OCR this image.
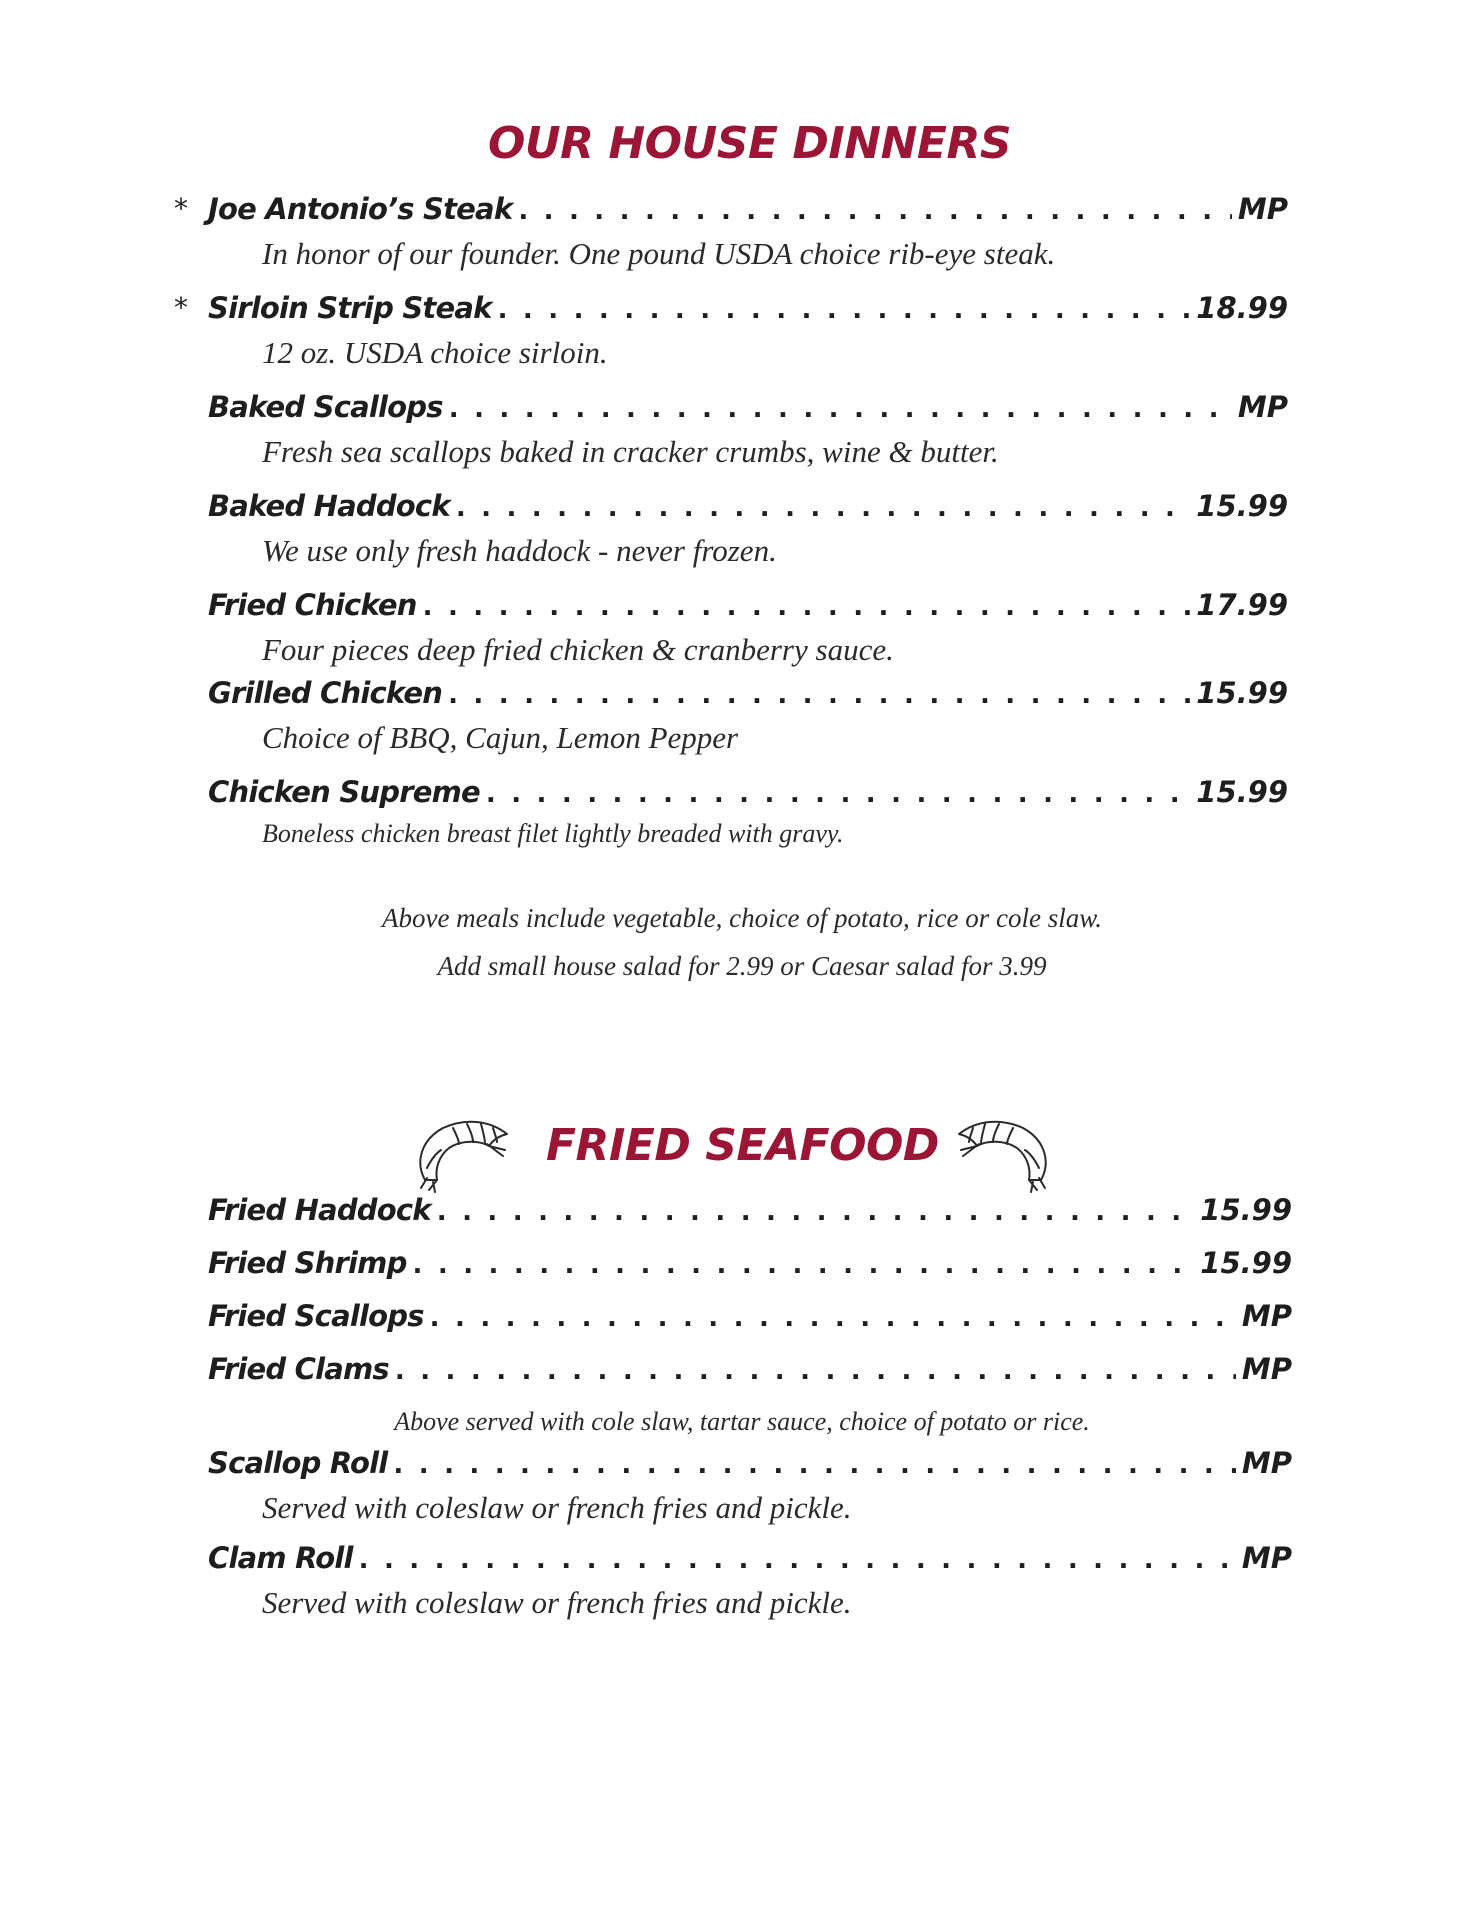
OUR HOUSE DINNERS
* Joe Antonio’s Steak . . .	MP
In honor of our founder. One pound USDA choice rib-eye steak.
* Sirloin Strip Steak . . .	18.99
12 oz. USDA choice sirloin.
Baked Scallops . . .	MP
Fresh sea scallops baked in cracker crumbs, wine & butter.
Baked Haddock . . .	15.99
We use only fresh haddock - never frozen.
Fried Chicken . . .	17.99
Four pieces deep fried chicken & cranberry sauce.
Grilled Chicken . . .	15.99
Choice of BBQ, Cajun, Lemon Pepper
Chicken Supreme . . .	15.99
Boneless chicken breast filet lightly breaded with gravy.
Above meals include vegetable, choice of potato, rice or cole slaw.
Add small house salad for 2.99 or Caesar salad for 3.99
FRIED SEAFOOD
Fried Haddock . . .	15.99
Fried Shrimp . . .	15.99
Fried Scallops . . .	MP
Fried Clams . . .	MP
Above served with cole slaw, tartar sauce, choice of potato or rice.
Scallop Roll . . .	MP
Served with coleslaw or french fries and pickle.
Clam Roll . . .	MP
Served with coleslaw or french fries and pickle.
